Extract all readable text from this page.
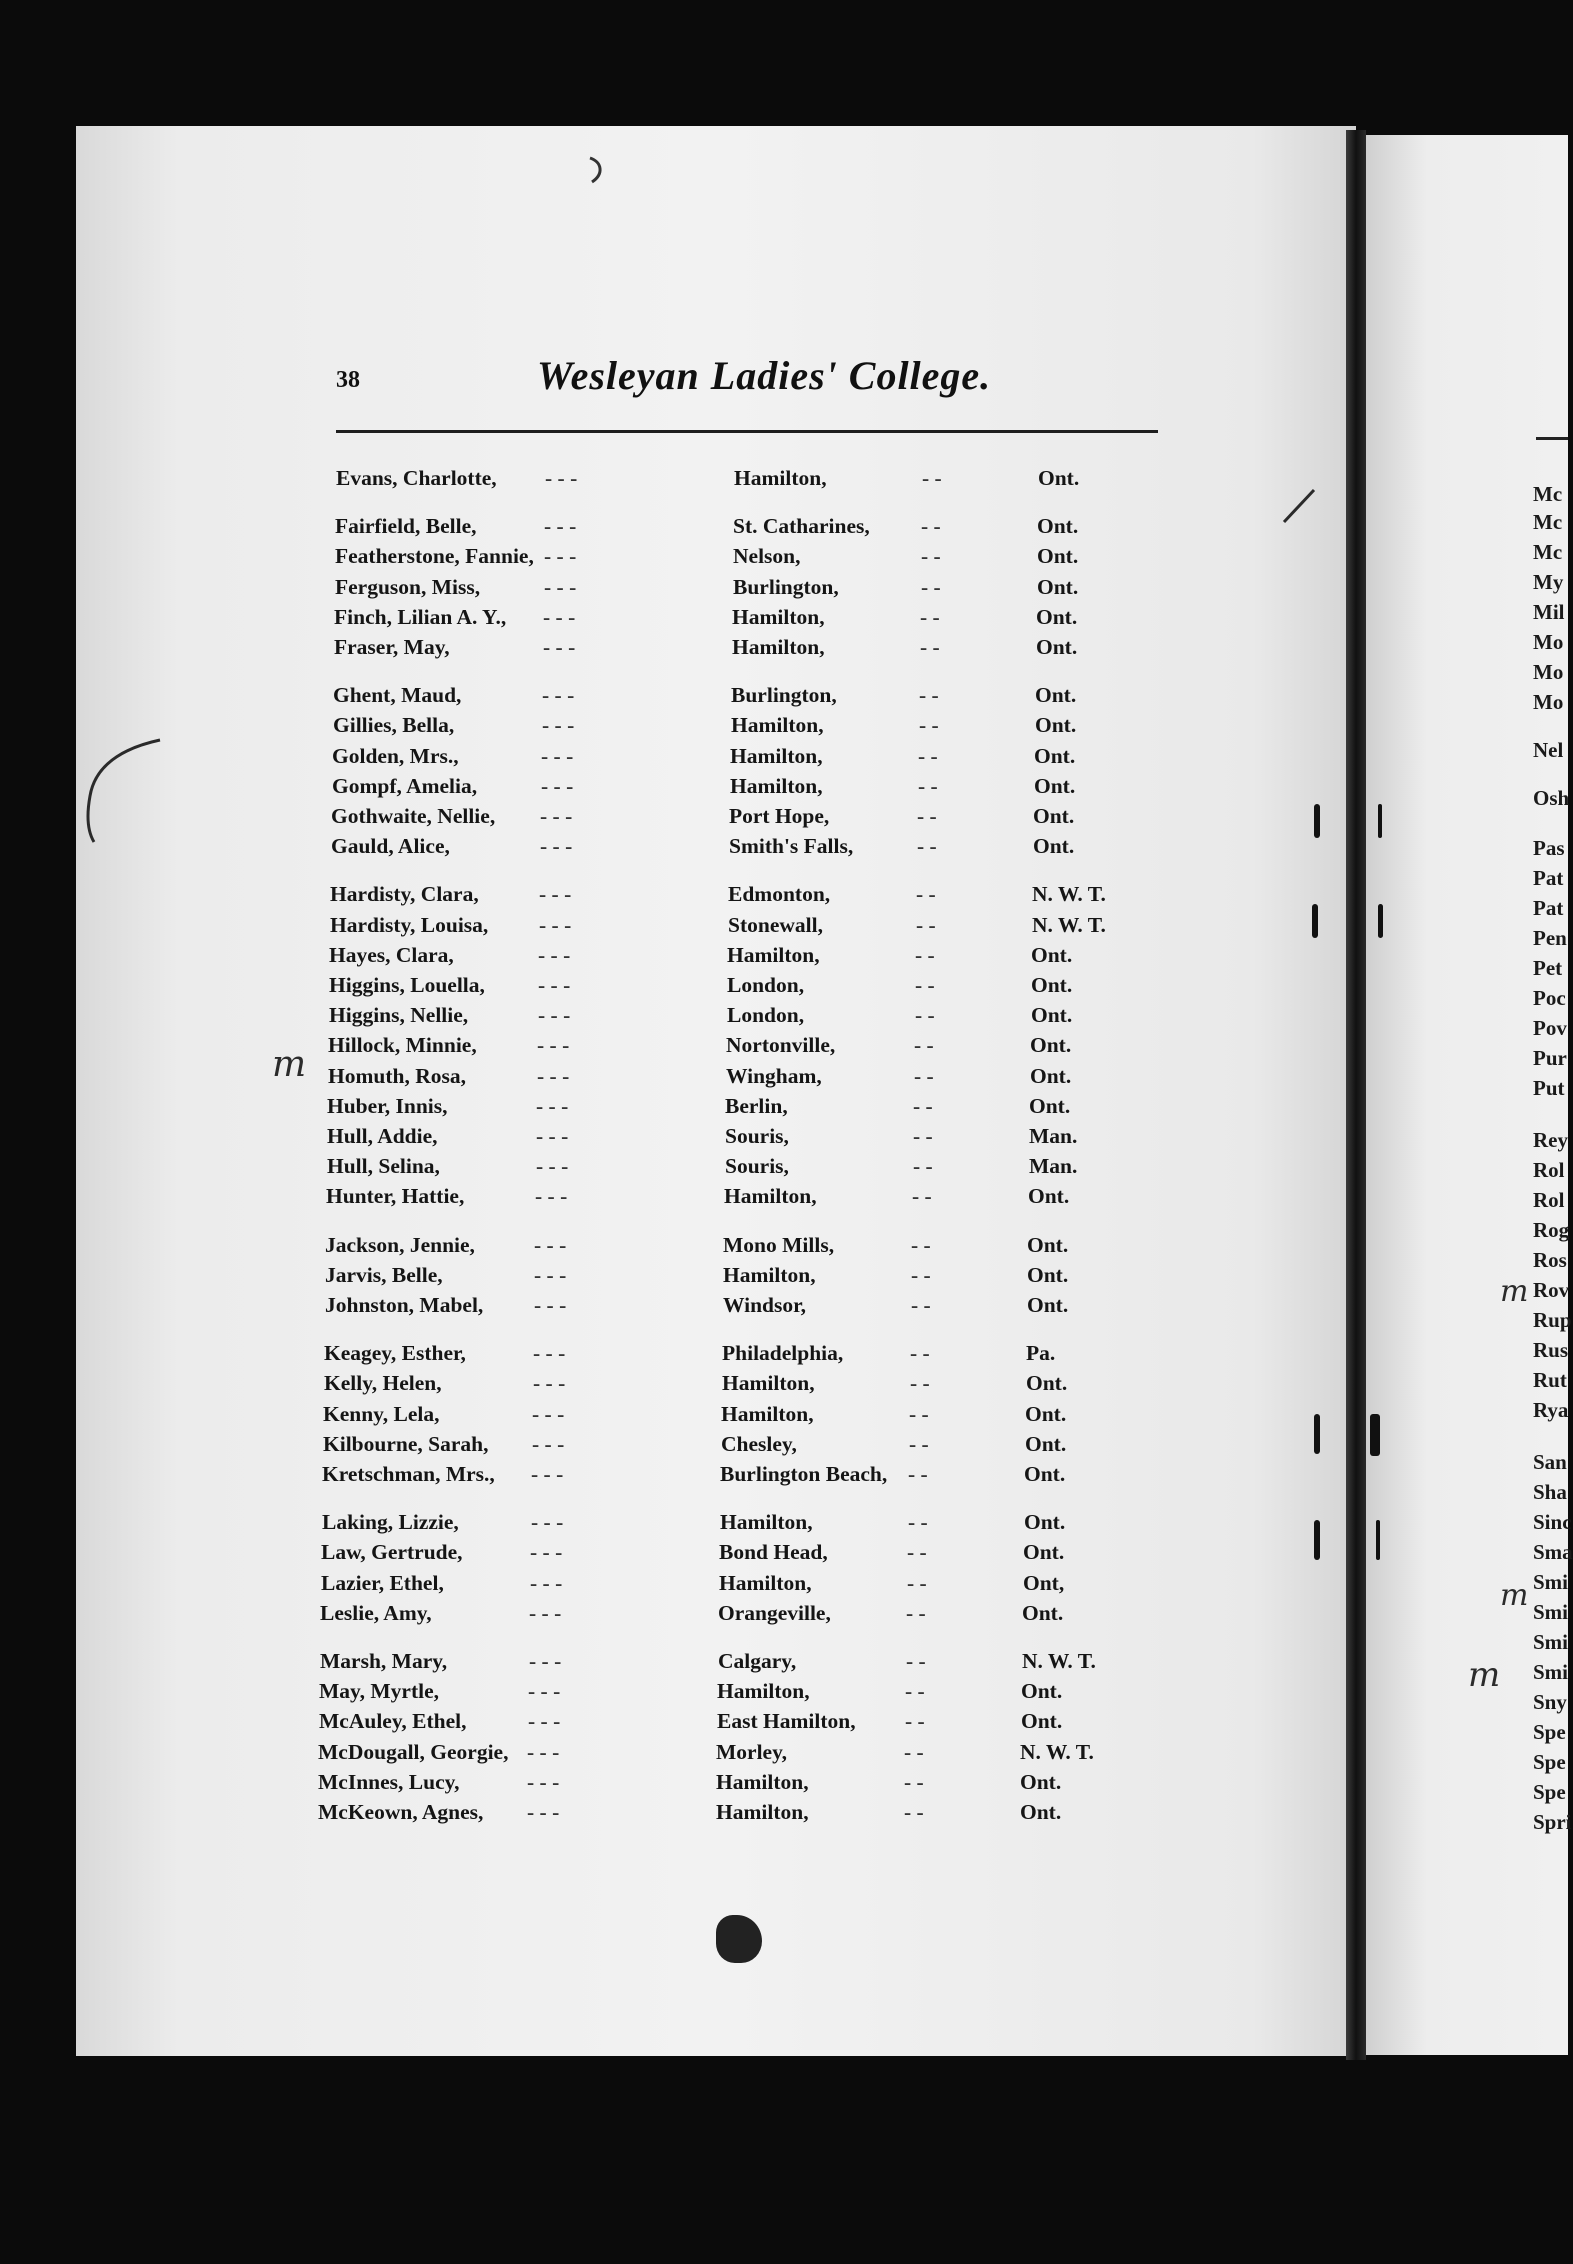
38	Wesleyan Ladies' College.
Evans, Charlotte, - - -	Hamilton,	- -	Ont.
Fairfield, Belle,	- - -	St. Catharines, - -	Ont.
Featherstone, Fannie, - - -	Nelson,	- -	Ont.
Ferguson, Miss,	- - -	Burlington,	- -	Ont.
Finch, Lilian A. Y., - - -	Hamilton,	- -	Ont.
Fraser, May,	- - -	Hamilton,	- -	Ont.
Ghent, Maud,	- - -	Burlington,	- -	Ont.
Gillies, Bella,	- - -	Hamilton,	- -	Ont.
Golden, Mrs.,	- - -	Hamilton,	- -	Ont.
Gompf, Amelia,	- - -	Hamilton,	- -	Ont.
Gothwaite, Nellie, - - -	Port Hope,	- -	Ont.
Gauld, Alice,	- - -	Smith's Falls,	- -	Ont.
Hardisty, Clara,	- - -	Edmonton,	- -	N. W. T.
Hardisty, Louisa, - - -	Stonewall,	- -	N. W. T.
Hayes, Clara,	- - -	Hamilton,	- -	Ont.
Higgins, Louella, - - -	London,	- -	Ont.
Higgins, Nellie,	- - -	London,	- -	Ont.
Hillock, Minnie,	- - -	Nortonville,	- -	Ont.
Homuth, Rosa,	- - -	Wingham,	- -	Ont.
Huber, Innis,	- - -	Berlin,	- -	Ont.
Hull, Addie,	- - -	Souris,	- -	Man.
Hull, Selina,	- - -	Souris,	- -	Man.
Hunter, Hattie,	- - -	Hamilton,	- -	Ont.
Jackson, Jennie,	- - -	Mono Mills,	- -	Ont.
Jarvis, Belle,	- - -	Hamilton,	- -	Ont.
Johnston, Mabel, - - -	Windsor,	- -	Ont.
Keagey, Esther,	- - -	Philadelphia,	- -	Pa.
Kelly, Helen,	- - -	Hamilton,	- -	Ont.
Kenny, Lela,	- - -	Hamilton,	- -	Ont.
Kilbourne, Sarah, - - -	Chesley,	- -	Ont.
Kretschman, Mrs., - - -	Burlington Beach, - -	Ont.
Laking, Lizzie,	- - -	Hamilton,	- -	Ont.
Law, Gertrude,	- - -	Bond Head,	- -	Ont.
Lazier, Ethel,	- - -	Hamilton,	- -	Ont,
Leslie, Amy,	- - -	Orangeville,	- -	Ont.
Marsh, Mary,	- - -	Calgary,	- -	N. W. T.
May, Myrtle,	- - -	Hamilton,	- -	Ont.
McAuley, Ethel,	- - -	East Hamilton, - -	Ont.
McDougall, Georgie, - - -	Morley,	- -	N. W. T.
McInnes, Lucy,	- - -	Hamilton,	- -	Ont.
McKeown, Agnes, - - -	Hamilton,	- -	Ont.
Mc
Mc
Mc
My
Mil
Mo
Mo
Mo
Nel
Osh
Pas
Pat
Pat
Pen
Pet
Poc
Pov
Pur
Put
Rey
Rol
Rol
Rog
Ros
Rov
Rup
Rus
Rut
Rya
San
Sha
Sinc
Sma
Smi
Smi
Smi
Smi
Sny
Spe
Spe
Spe
Spri
m
m
m
m
